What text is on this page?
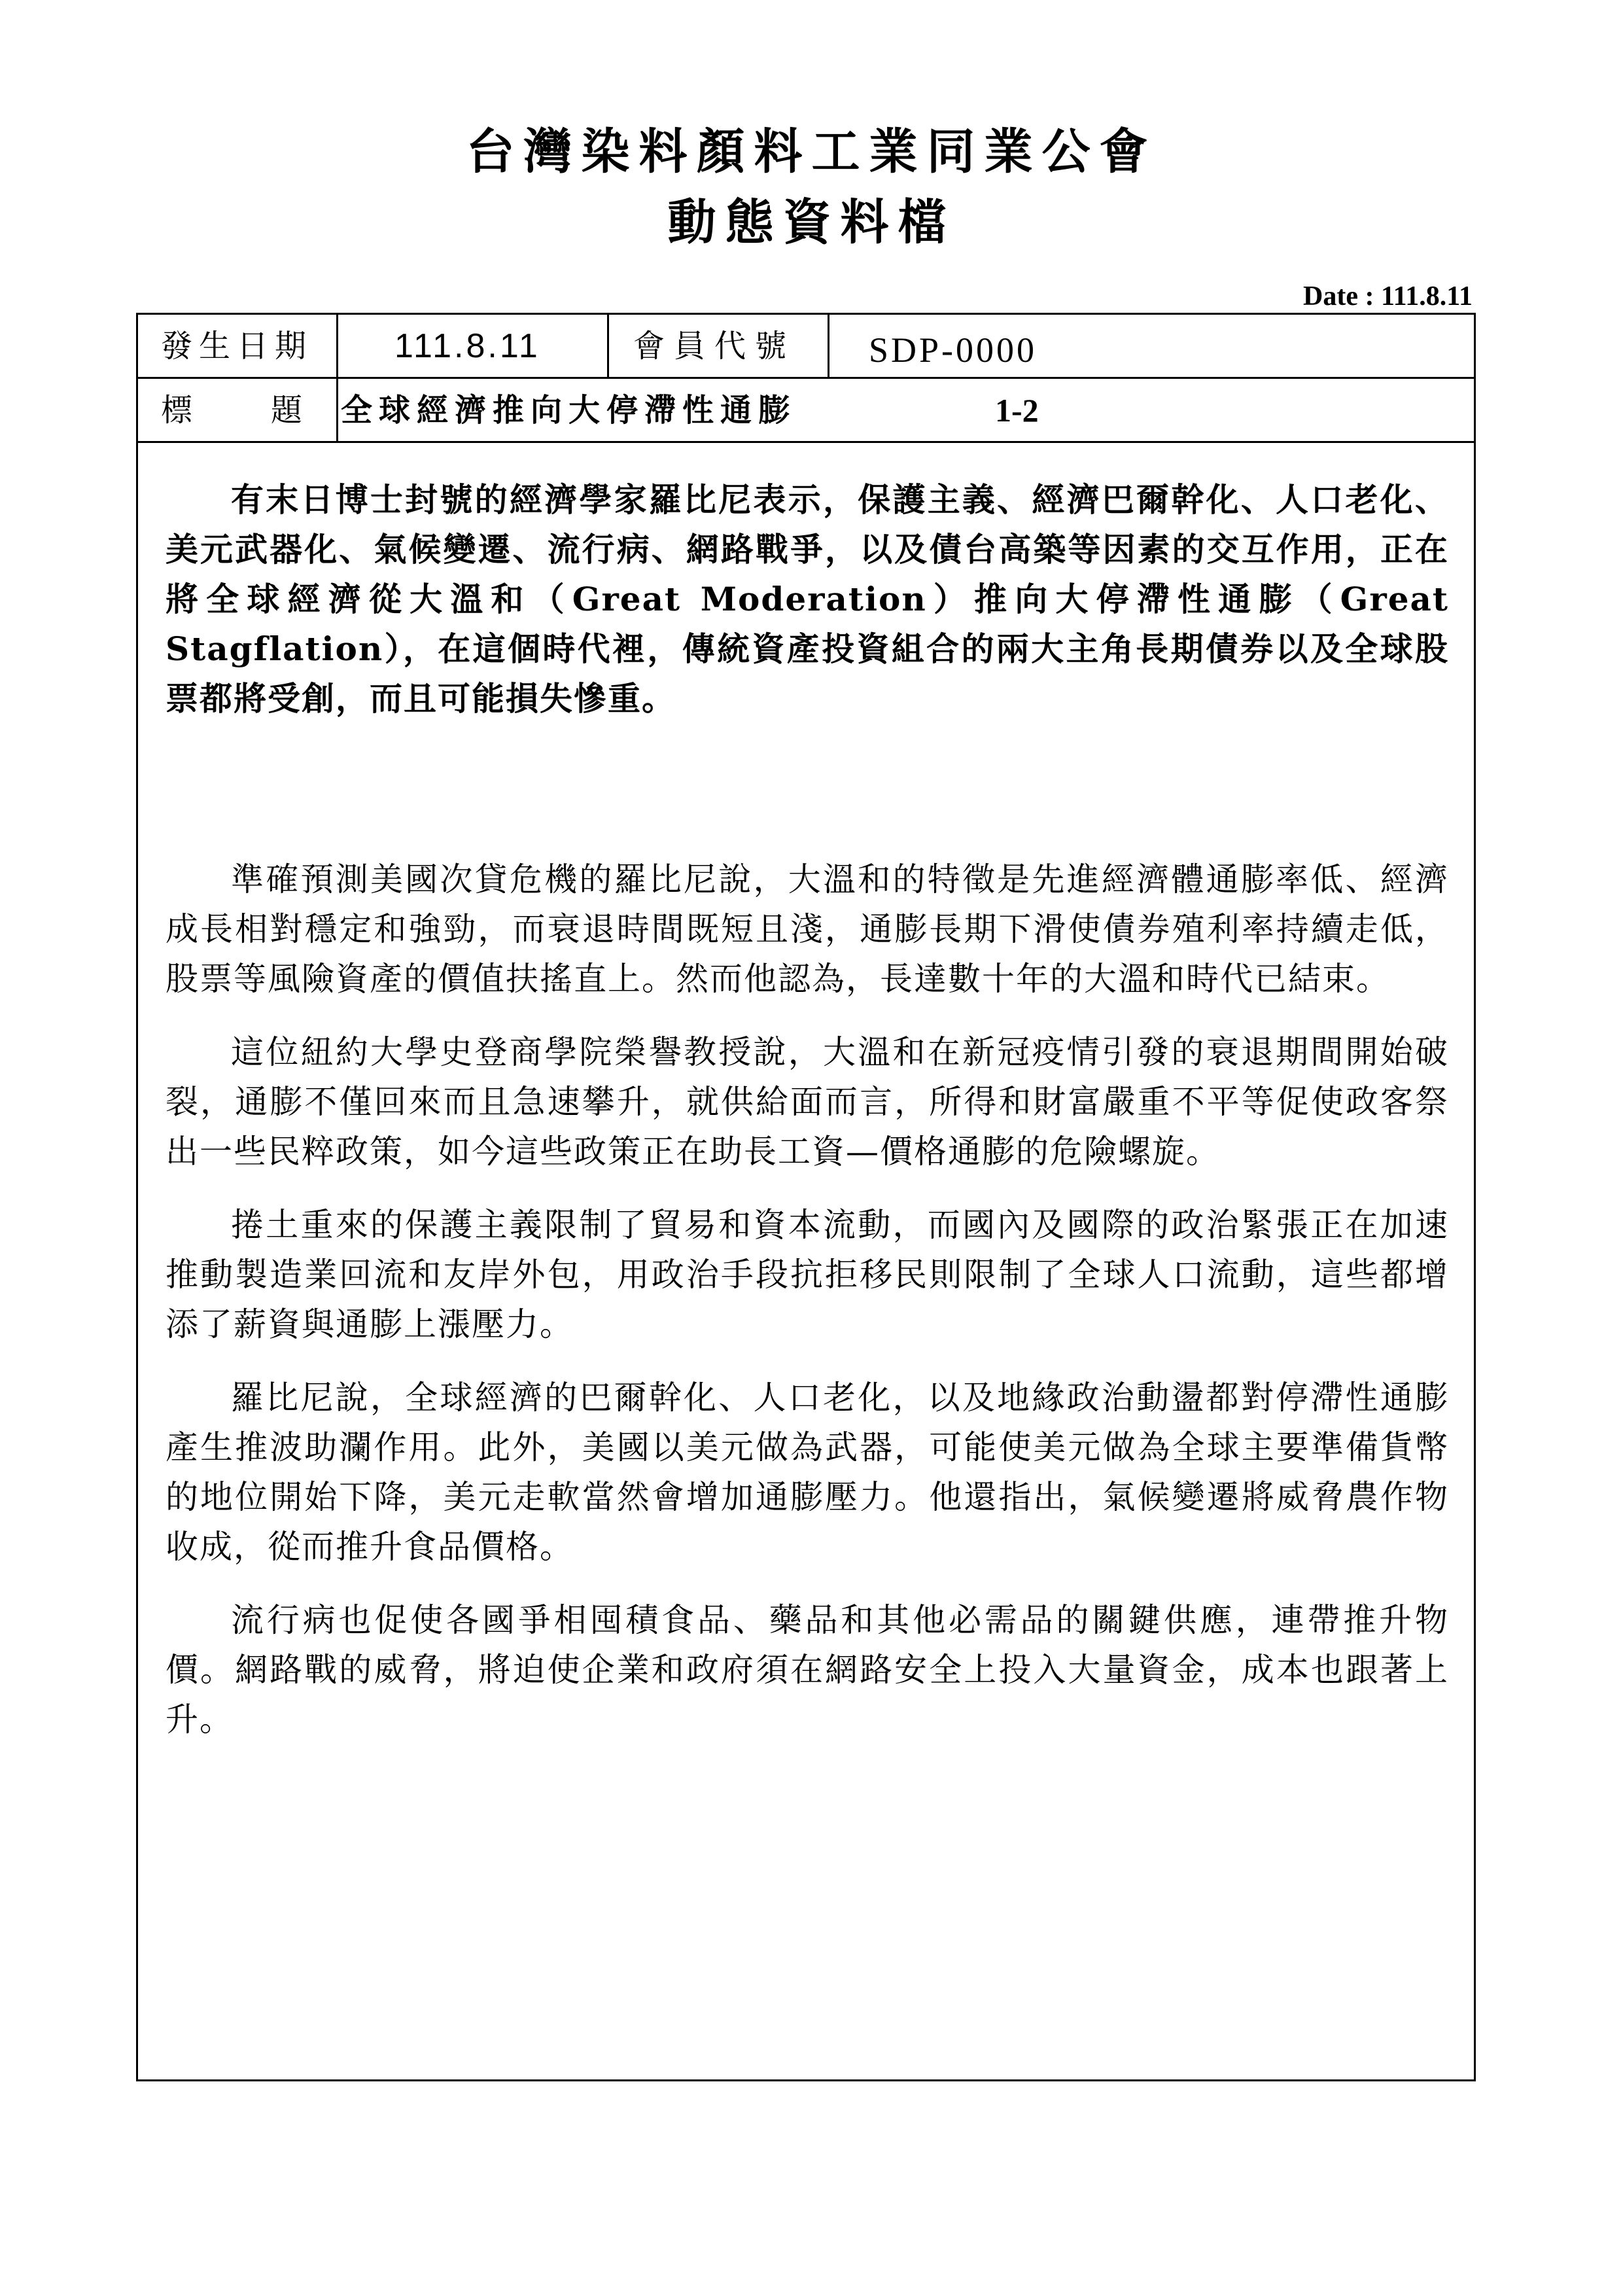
台灣染料顏料工業同業公會
動態資料檔
Date : 111.8.11
發生日期 111.8.11	會員代號 SDP-0000
標 題 全球經濟推向大停滯性通膨	1-2

有末日博士封號的經濟學家羅比尼表示，保護主義、經濟巴爾幹化、人口老化、美元武器化、氣候變遷、流行病、網路戰爭，以及債台高築等因素的交互作用，正在將全球經濟從大溫和（Great Moderation）推向大停滯性通膨（Great Stagflation），在這個時代裡，傳統資產投資組合的兩大主角長期債券以及全球股票都將受創，而且可能損失慘重。

準確預測美國次貸危機的羅比尼說，大溫和的特徵是先進經濟體通膨率低、經濟成長相對穩定和強勁，而衰退時間既短且淺，通膨長期下滑使債券殖利率持續走低，股票等風險資產的價值扶搖直上。然而他認為，長達數十年的大溫和時代已結束。

這位紐約大學史登商學院榮譽教授說，大溫和在新冠疫情引發的衰退期間開始破裂，通膨不僅回來而且急速攀升，就供給面而言，所得和財富嚴重不平等促使政客祭出一些民粹政策，如今這些政策正在助長工資—價格通膨的危險螺旋。

捲土重來的保護主義限制了貿易和資本流動，而國內及國際的政治緊張正在加速推動製造業回流和友岸外包，用政治手段抗拒移民則限制了全球人口流動，這些都增添了薪資與通膨上漲壓力。

羅比尼說，全球經濟的巴爾幹化、人口老化，以及地緣政治動盪都對停滯性通膨產生推波助瀾作用。此外，美國以美元做為武器，可能使美元做為全球主要準備貨幣的地位開始下降，美元走軟當然會增加通膨壓力。他還指出，氣候變遷將威脅農作物收成，從而推升食品價格。

流行病也促使各國爭相囤積食品、藥品和其他必需品的關鍵供應，連帶推升物價。網路戰的威脅，將迫使企業和政府須在網路安全上投入大量資金，成本也跟著上升。
